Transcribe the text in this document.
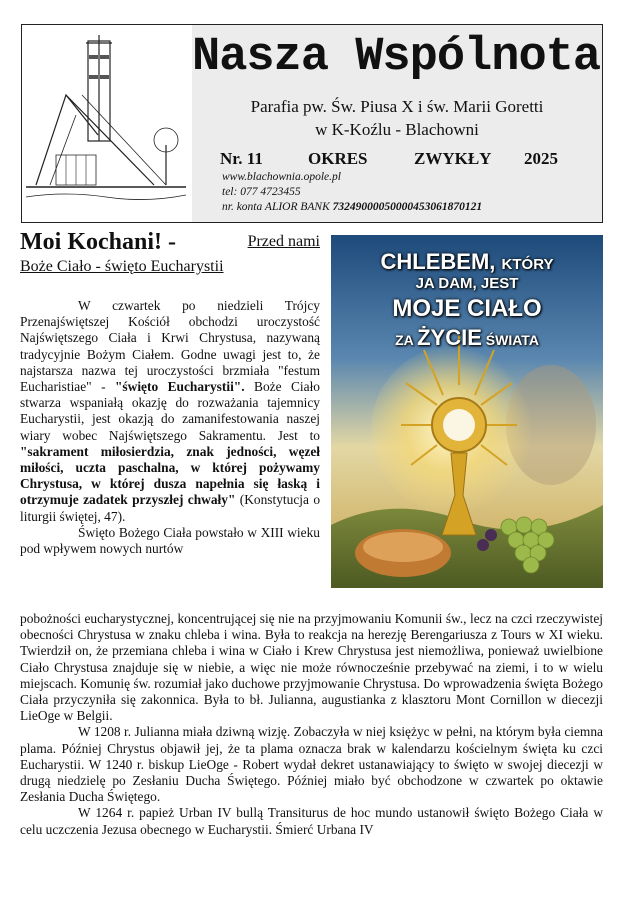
Nasza Wspólnota
Parafia pw. Św. Piusa X i św. Marii Goretti
w K-Koźlu - Blachowni
Nr. 11	OKRES	ZWYKŁY 2025
www.blachownia.opole.pl
tel: 077 4723455
nr. konta ALIOR BANK 73249000050000453061870121
Moi Kochani! -	Przed nami
Boże Ciało - święto Eucharystii

W czwartek po niedzieli Trójcy Przenajświętszej Kościół obchodzi uroczystość Najświętszego Ciała i Krwi Chrystusa, nazywaną tradycyjnie Bożym Ciałem. Godne uwagi jest to, że najstarsza nazwa tej uroczystości brzmiała "festum Eucharistiae" - "święto Eucharystii". Boże Ciało stwarza wspaniałą okazję do rozważania tajemnicy Eucharystii, jest okazją do zamanifestowania naszej wiary wobec Najświętszego Sakramentu. Jest to "sakrament miłosierdzia, znak jedności, węzeł miłości, uczta paschalna, w której pożywamy Chrystusa, w której dusza napełnia się łaską i otrzymuje zadatek przyszłej chwały" (Konstytucja o liturgii świętej, 47).

Święto Bożego Ciała powstało w XIII wieku pod wpływem nowych nurtów

CHLEBEM, KTÓRY
JA DAM, JEST
MOJE CIAŁO
ZA ŻYCIE ŚWIATA

pobożności eucharystycznej, koncentrującej się nie na przyjmowaniu Komunii św., lecz na czci rzeczywistej obecności Chrystusa w znaku chleba i wina. Była to reakcja na herezję Berengariusza z Tours w XI wieku. Twierdził on, że przemiana chleba i wina w Ciało i Krew Chrystusa jest niemożliwa, ponieważ uwielbione Ciało Chrystusa znajduje się w niebie, a więc nie może równocześnie przebywać na ziemi, i to w wielu miejscach. Komunię św. rozumiał jako duchowe przyjmowanie Chrystusa. Do wprowadzenia święta Bożego Ciała przyczyniła się zakonnica. Była to bł. Julianna, augustianka z klasztoru Mont Cornillon w diecezji LieOge w Belgii.

W 1208 r. Julianna miała dziwną wizję. Zobaczyła w niej księżyc w pełni, na którym była ciemna plama. Później Chrystus objawił jej, że ta plama oznacza brak w kalendarzu kościelnym święta ku czci Eucharystii. W 1240 r. biskup LieOge - Robert wydał dekret ustanawiający to święto w swojej diecezji w drugą niedzielę po Zesłaniu Ducha Świętego. Później miało być obchodzone w czwartek po oktawie Zesłania Ducha Świętego.

W 1264 r. papież Urban IV bullą Transiturus de hoc mundo ustanowił święto Bożego Ciała w celu uczczenia Jezusa obecnego w Eucharystii. Śmierć Urbana IV
